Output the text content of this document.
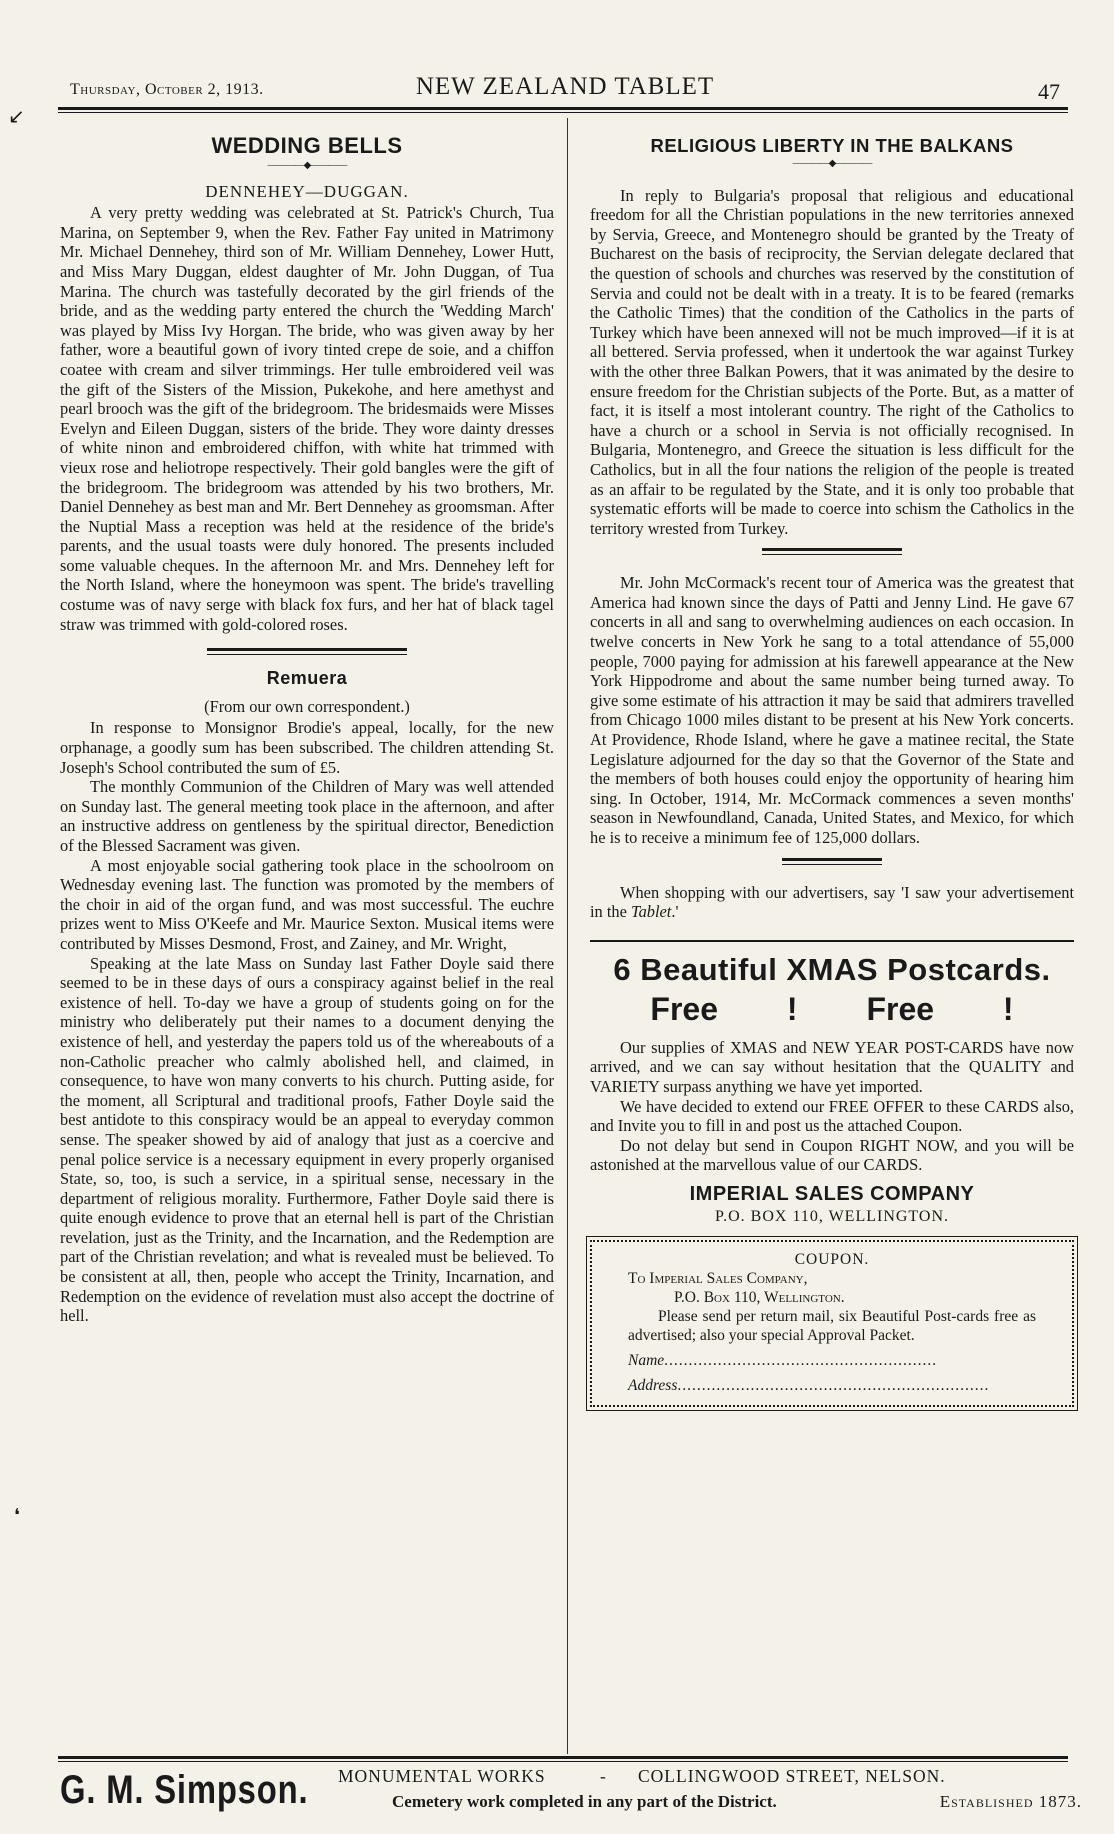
Thursday, October 2, 1913.	NEW ZEALAND TABLET	47
↙
WEDDING BELLS
————◆————
DENNEHEY—DUGGAN.

A very pretty wedding was celebrated at St. Patrick's Church, Tua Marina, on September 9, when the Rev. Father Fay united in Matrimony Mr. Michael Dennehey, third son of Mr. William Dennehey, Lower Hutt, and Miss Mary Duggan, eldest daughter of Mr. John Duggan, of Tua Marina. The church was tastefully decorated by the girl friends of the bride, and as the wedding party entered the church the 'Wedding March' was played by Miss Ivy Horgan. The bride, who was given away by her father, wore a beautiful gown of ivory tinted crepe de soie, and a chiffon coatee with cream and silver trimmings. Her tulle embroidered veil was the gift of the Sisters of the Mission, Pukekohe, and here amethyst and pearl brooch was the gift of the bridegroom. The bridesmaids were Misses Evelyn and Eileen Duggan, sisters of the bride. They wore dainty dresses of white ninon and embroidered chiffon, with white hat trimmed with vieux rose and heliotrope respectively. Their gold bangles were the gift of the bridegroom. The bridegroom was attended by his two brothers, Mr. Daniel Dennehey as best man and Mr. Bert Dennehey as groomsman. After the Nuptial Mass a reception was held at the residence of the bride's parents, and the usual toasts were duly honored. The presents included some valuable cheques. In the afternoon Mr. and Mrs. Dennehey left for the North Island, where the honeymoon was spent. The bride's travelling costume was of navy serge with black fox furs, and her hat of black tagel straw was trimmed with gold-colored roses.

Remuera
(From our own correspondent.)

In response to Monsignor Brodie's appeal, locally, for the new orphanage, a goodly sum has been subscribed. The children attending St. Joseph's School contributed the sum of £5.

The monthly Communion of the Children of Mary was well attended on Sunday last. The general meeting took place in the afternoon, and after an instructive address on gentleness by the spiritual director, Benediction of the Blessed Sacrament was given.

A most enjoyable social gathering took place in the schoolroom on Wednesday evening last. The function was promoted by the members of the choir in aid of the organ fund, and was most successful. The euchre prizes went to Miss O'Keefe and Mr. Maurice Sexton. Musical items were contributed by Misses Desmond, Frost, and Zainey, and Mr. Wright,

Speaking at the late Mass on Sunday last Father Doyle said there seemed to be in these days of ours a conspiracy against belief in the real existence of hell. To-day we have a group of students going on for the ministry who deliberately put their names to a document denying the existence of hell, and yesterday the papers told us of the whereabouts of a non-Catholic preacher who calmly abolished hell, and claimed, in consequence, to have won many converts to his church. Putting aside, for the moment, all Scriptural and traditional proofs, Father Doyle said the best antidote to this conspiracy would be an appeal to everyday common sense. The speaker showed by aid of analogy that just as a coercive and penal police service is a necessary equipment in every properly organised State, so, too, is such a service, in a spiritual sense, necessary in the department of religious morality. Furthermore, Father Doyle said there is quite enough evidence to prove that an eternal hell is part of the Christian revelation, just as the Trinity, and the Incarnation, and the Redemption are part of the Christian revelation; and what is revealed must be believed. To be consistent at all, then, people who accept the Trinity, Incarnation, and Redemption on the evidence of revelation must also accept the doctrine of hell.

RELIGIOUS LIBERTY IN THE BALKANS
————◆————

In reply to Bulgaria's proposal that religious and educational freedom for all the Christian populations in the new territories annexed by Servia, Greece, and Montenegro should be granted by the Treaty of Bucharest on the basis of reciprocity, the Servian delegate declared that the question of schools and churches was reserved by the constitution of Servia and could not be dealt with in a treaty. It is to be feared (remarks the Catholic Times) that the condition of the Catholics in the parts of Turkey which have been annexed will not be much improved—if it is at all bettered. Servia professed, when it undertook the war against Turkey with the other three Balkan Powers, that it was animated by the desire to ensure freedom for the Christian subjects of the Porte. But, as a matter of fact, it is itself a most intolerant country. The right of the Catholics to have a church or a school in Servia is not officially recognised. In Bulgaria, Montenegro, and Greece the situation is less difficult for the Catholics, but in all the four nations the religion of the people is treated as an affair to be regulated by the State, and it is only too probable that systematic efforts will be made to coerce into schism the Catholics in the territory wrested from Turkey.

Mr. John McCormack's recent tour of America was the greatest that America had known since the days of Patti and Jenny Lind. He gave 67 concerts in all and sang to overwhelming audiences on each occasion. In twelve concerts in New York he sang to a total attendance of 55,000 people, 7000 paying for admission at his farewell appearance at the New York Hippodrome and about the same number being turned away. To give some estimate of his attraction it may be said that admirers travelled from Chicago 1000 miles distant to be present at his New York concerts. At Providence, Rhode Island, where he gave a matinee recital, the State Legislature adjourned for the day so that the Governor of the State and the members of both houses could enjoy the opportunity of hearing him sing. In October, 1914, Mr. McCormack commences a seven months' season in Newfoundland, Canada, United States, and Mexico, for which he is to receive a minimum fee of 125,000 dollars.

When shopping with our advertisers, say 'I saw your advertisement in the Tablet.'

6 Beautiful XMAS Postcards.
Free ! Free !

Our supplies of XMAS and NEW YEAR POST-CARDS have now arrived, and we can say without hesitation that the QUALITY and VARIETY surpass anything we have yet imported.

We have decided to extend our FREE OFFER to these CARDS also, and Invite you to fill in and post us the attached Coupon.

Do not delay but send in Coupon RIGHT NOW, and you will be astonished at the marvellous value of our CARDS.

IMPERIAL SALES COMPANY
P.O. BOX 110, WELLINGTON.
COUPON.
To Imperial Sales Company,
P.O. Box 110, Wellington.
Please send per return mail, six Beautiful Post-cards free as advertised; also your special Approval Packet.
Name........................................................
Address................................................................
❛
G. M. Simpson. MONUMENTAL WORKS	- COLLINGWOOD STREET, NELSON.
Cemetery work completed in any part of the District.	Established 1873.
